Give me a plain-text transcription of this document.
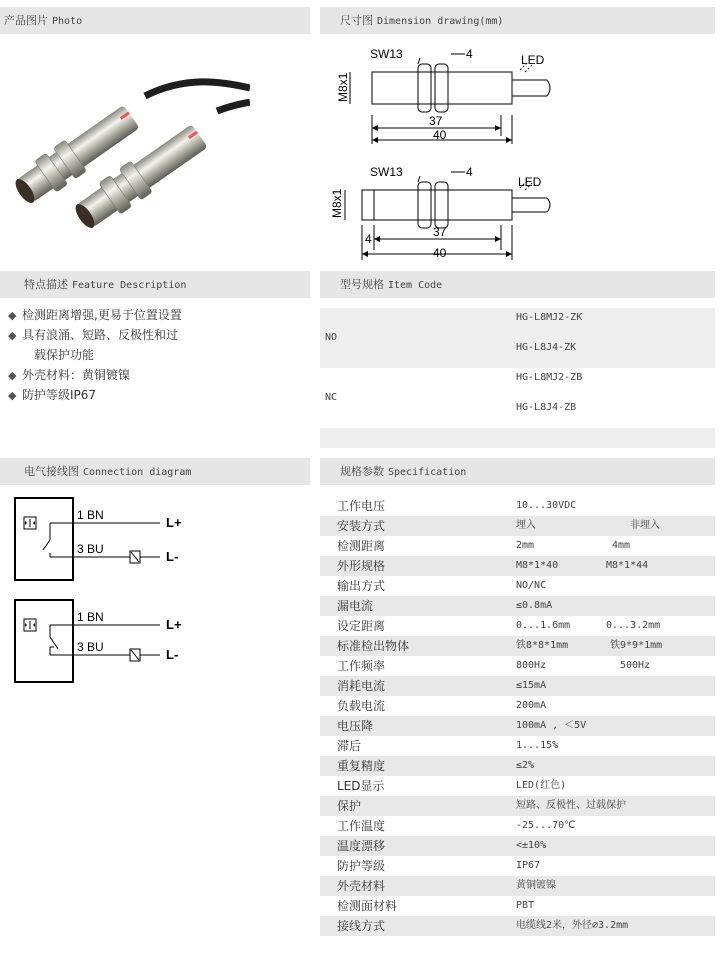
产品图片 Photo	尺寸图 Dimension drawing(mm)
特点描述 Feature Description	型号规格 Item Code
电气接线图 Connection diagram	规格参数 Specification
SW13	4	LED
M8x1
37
40
SW13	4
LED
M8x1
4	37
40
◆ 检测距离增强,更易于位置设置
◆ 具有浪涌、短路、反极性和过
载保护功能
◆ 外壳材料：黄铜镀镍
◆ 防护等级IP67
NO
HG-L8MJ2-ZK
HG-L8J4-ZK
NC
HG-L8MJ2-ZB
HG-L8J4-ZB
1 BN
3 BU
L+
L-
1 BN
3 BU
L+
L-
工作电压	10...30VDC
安装方式	埋入	非埋入
检测距离	2mm	4mm
外形规格	M8*1*40	M8*1*44
输出方式	NO/NC
漏电流	≤0.8mA
设定距离	0...1.6mm	0...3.2mm
标准检出物体	铁8*8*1mm	铁9*9*1mm
工作频率	800Hz	500Hz
消耗电流	≤15mA
负载电流	200mA
电压降	100mA , ＜5V
滞后	1...15%
重复精度	≤2%
LED显示	LED(红色)
保护	短路、反极性、过载保护
工作温度	-25...70℃
温度漂移	<±10%
防护等级	IP67
外壳材料	黄铜镀镍
检测面材料	PBT
接线方式	电缆线2米，外径∅3.2mm
